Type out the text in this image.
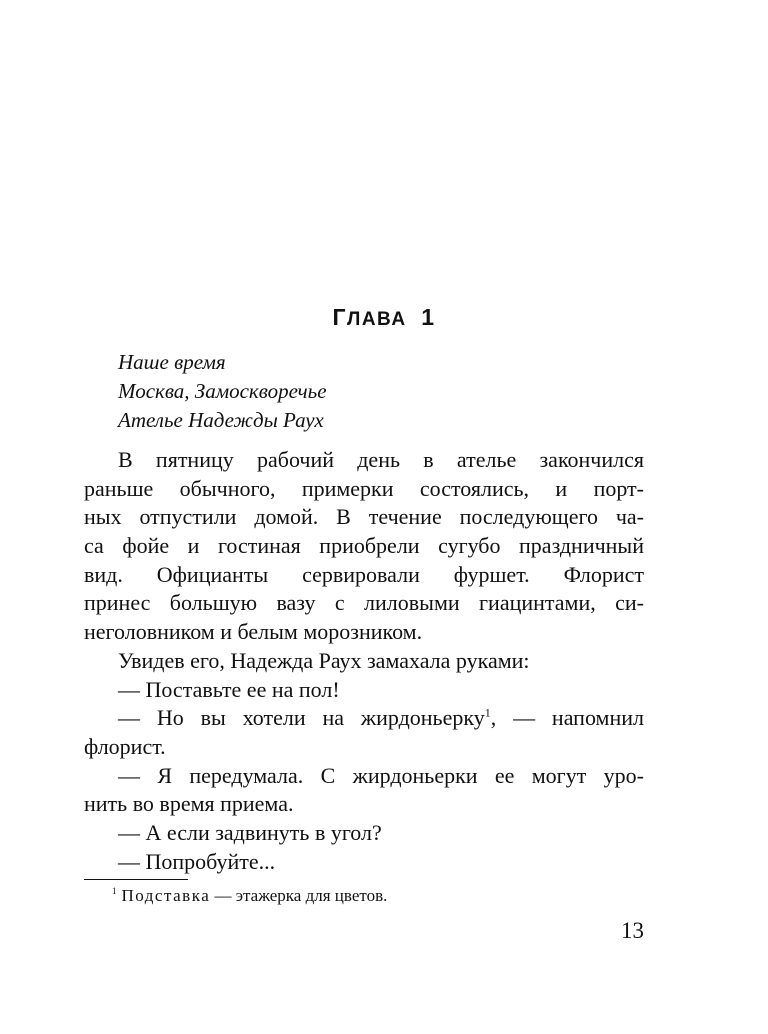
ГЛАВА 1
Наше время
Москва, Замоскворечье
Ателье Надежды Раух
В пятницу рабочий день в ателье закончился
раньше обычного, примерки состоялись, и порт-
ных отпустили домой. В течение последующего ча-
са фойе и гостиная приобрели сугубо праздничный
вид. Официанты сервировали фуршет. Флорист
принес большую вазу с лиловыми гиацинтами, си-
неголовником и белым морозником.
Увидев его, Надежда Раух замахала руками:
— Поставьте ее на пол!
— Но вы хотели на жирдоньерку$^1$, — напомнил
флорист.
— Я передумала. С жирдоньерки ее могут уро-
нить во время приема.
— А если задвинуть в угол?
— Попробуйте...
$^1$ Подставка — этажерка для цветов.
13
